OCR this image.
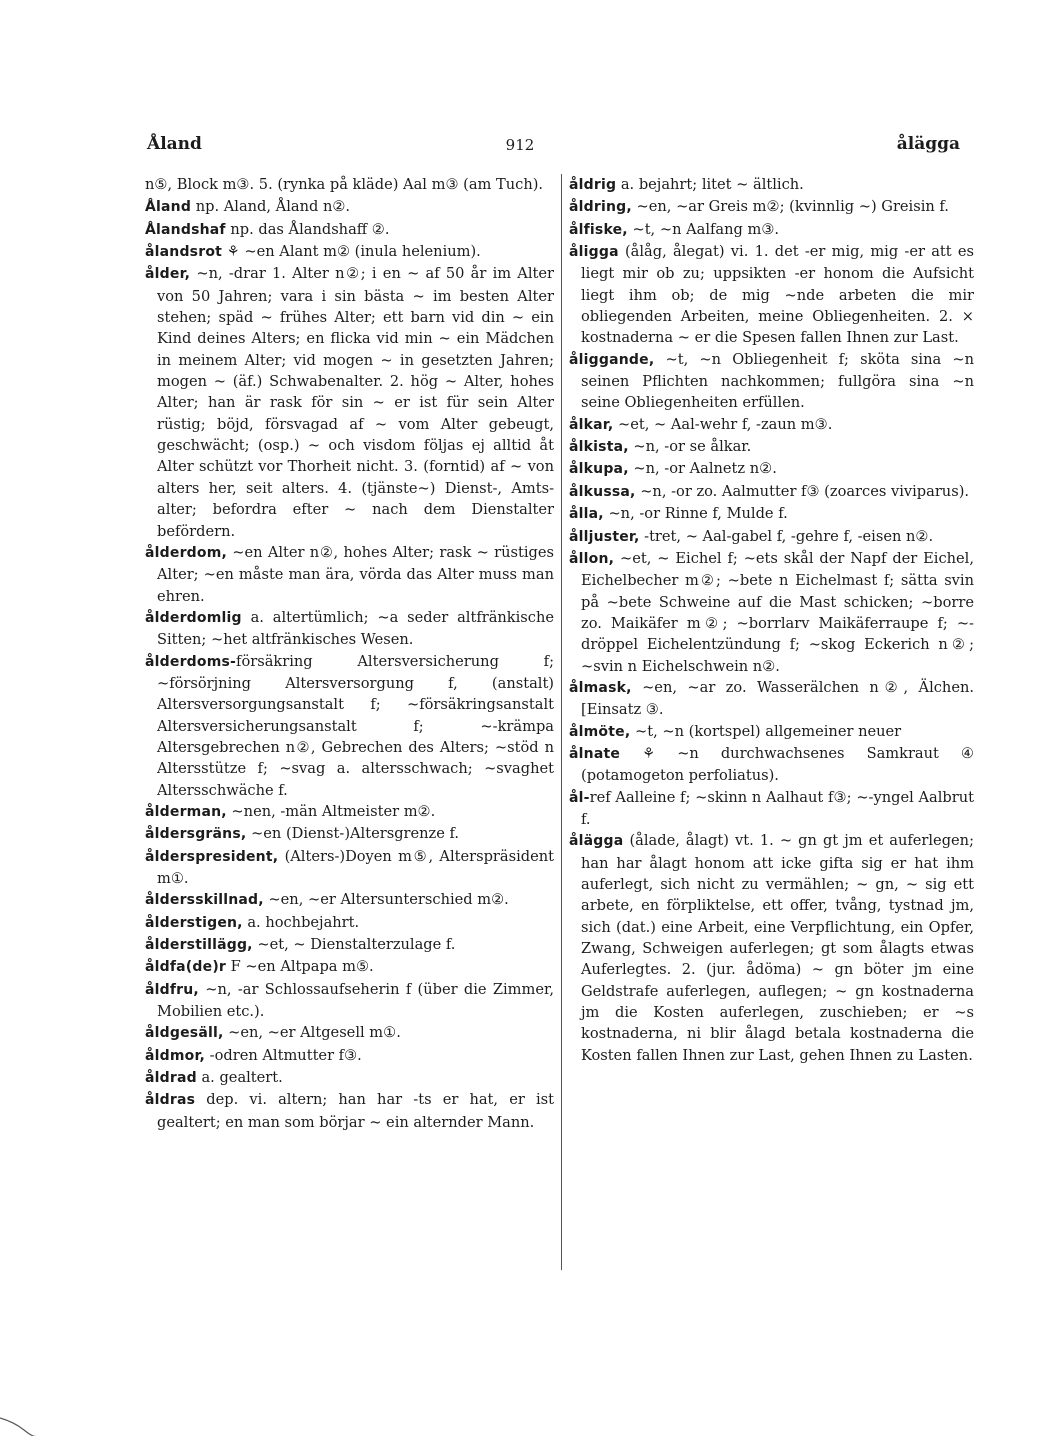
Åland	912	ålägga

n⑤, Block m③. 5. (rynka på kläde) Aal m③ (am Tuch).

Åland np. Aland, Åland n②.

Ålandshaf np. das Ålandshaff ②.

ålandsrot ⚘ ~en Alant m② (inula helenium).

ålder, ~n, -drar 1. Alter n②; i en ~ af 50 år im Alter von 50 Jahren; vara i sin bästa ~ im besten Alter stehen; späd ~ frühes Alter; ett barn vid din ~ ein Kind deines Alters; en flicka vid min ~ ein Mädchen in meinem Alter; vid mogen ~ in gesetzten Jahren; mogen ~ (äf.) Schwabenalter. 2. hög ~ Alter, hohes Alter; han är rask för sin ~ er ist für sein Alter rüstig; böjd, försvagad af ~ vom Alter gebeugt, geschwächt; (osp.) ~ och visdom följas ej alltid åt Alter schützt vor Thorheit nicht. 3. (forntid) af ~ von alters her, seit alters. 4. (tjänste~) Dienst-, Amts-alter; befordra efter ~ nach dem Dienstalter befördern.

ålderdom, ~en Alter n②, hohes Alter; rask ~ rüstiges Alter; ~en måste man ära, vörda das Alter muss man ehren.

ålderdomlig a. altertümlich; ~a seder altfränkische Sitten; ~het altfränkisches Wesen.

ålderdoms-försäkring Altersversicherung f; ~försörjning Altersversorgung f, (anstalt) Altersversorgungsanstalt f; ~försäkringsanstalt Altersversicherungsanstalt f; ~-krämpa Altersgebrechen n②, Gebrechen des Alters; ~stöd n Altersstütze f; ~svag a. altersschwach; ~svaghet Altersschwäche f.

ålderman, ~nen, -män Altmeister m②.

åldersgräns, ~en (Dienst-)Altersgrenze f.

ålderspresident, (Alters-)Doyen m⑤, Alterspräsident m①.

åldersskillnad, ~en, ~er Altersunterschied m②.

ålderstigen, a. hochbejahrt.

ålderstillägg, ~et, ~ Dienstalterzulage f.

åldfa(de)r F ~en Altpapa m⑤.

åldfru, ~n, -ar Schlossaufseherin f (über die Zimmer, Mobilien etc.).

åldgesäll, ~en, ~er Altgesell m①.

åldmor, -odren Altmutter f③.

åldrad a. gealtert.

åldras dep. vi. altern; han har -ts er hat, er ist gealtert; en man som börjar ~ ein alternder Mann.

åldrig a. bejahrt; litet ~ ältlich.

åldring, ~en, ~ar Greis m②; (kvinnlig ~) Greisin f.

ålfiske, ~t, ~n Aalfang m③.

åligga (ålåg, ålegat) vi. 1. det -er mig, mig -er att es liegt mir ob zu; uppsikten -er honom die Aufsicht liegt ihm ob; de mig ~nde arbeten die mir obliegenden Arbeiten, meine Obliegenheiten. 2. × kostnaderna ~ er die Spesen fallen Ihnen zur Last.

åliggande, ~t, ~n Obliegenheit f; sköta sina ~n seinen Pflichten nachkommen; fullgöra sina ~n seine Obliegenheiten erfüllen.

ålkar, ~et, ~ Aal-wehr f, -zaun m③.

ålkista, ~n, -or se ålkar.

ålkupa, ~n, -or Aalnetz n②.

ålkussa, ~n, -or zo. Aalmutter f③ (zoarces viviparus).

ålla, ~n, -or Rinne f, Mulde f.

ålljuster, -tret, ~ Aal-gabel f, -gehre f, -eisen n②.

ållon, ~et, ~ Eichel f; ~ets skål der Napf der Eichel, Eichelbecher m②; ~bete n Eichelmast f; sätta svin på ~bete Schweine auf die Mast schicken; ~borre zo. Maikäfer m②; ~borrlarv Maikäferraupe f; ~-dröppel Eichelentzündung f; ~skog Eckerich n②; ~svin n Eichelschwein n②.

ålmask, ~en, ~ar zo. Wasserälchen n②, Älchen. [Einsatz ③.

ålmöte, ~t, ~n (kortspel) allgemeiner neuer

ålnate ⚘ ~n durchwachsenes Samkraut ④ (potamogeton perfoliatus).

ål-ref Aalleine f; ~skinn n Aalhaut f③; ~-yngel Aalbrut f.

ålägga (ålade, ålagt) vt. 1. ~ gn gt jm et auferlegen; han har ålagt honom att icke gifta sig er hat ihm auferlegt, sich nicht zu vermählen; ~ gn, ~ sig ett arbete, en förpliktelse, ett offer, tvång, tystnad jm, sich (dat.) eine Arbeit, eine Verpflichtung, ein Opfer, Zwang, Schweigen auferlegen; gt som ålagts etwas Auferlegtes. 2. (jur. ådöma) ~ gn böter jm eine Geldstrafe auferlegen, auflegen; ~ gn kostnaderna jm die Kosten auferlegen, zuschieben; er ~s kostnaderna, ni blir ålagd betala kostnaderna die Kosten fallen Ihnen zur Last, gehen Ihnen zu Lasten.
